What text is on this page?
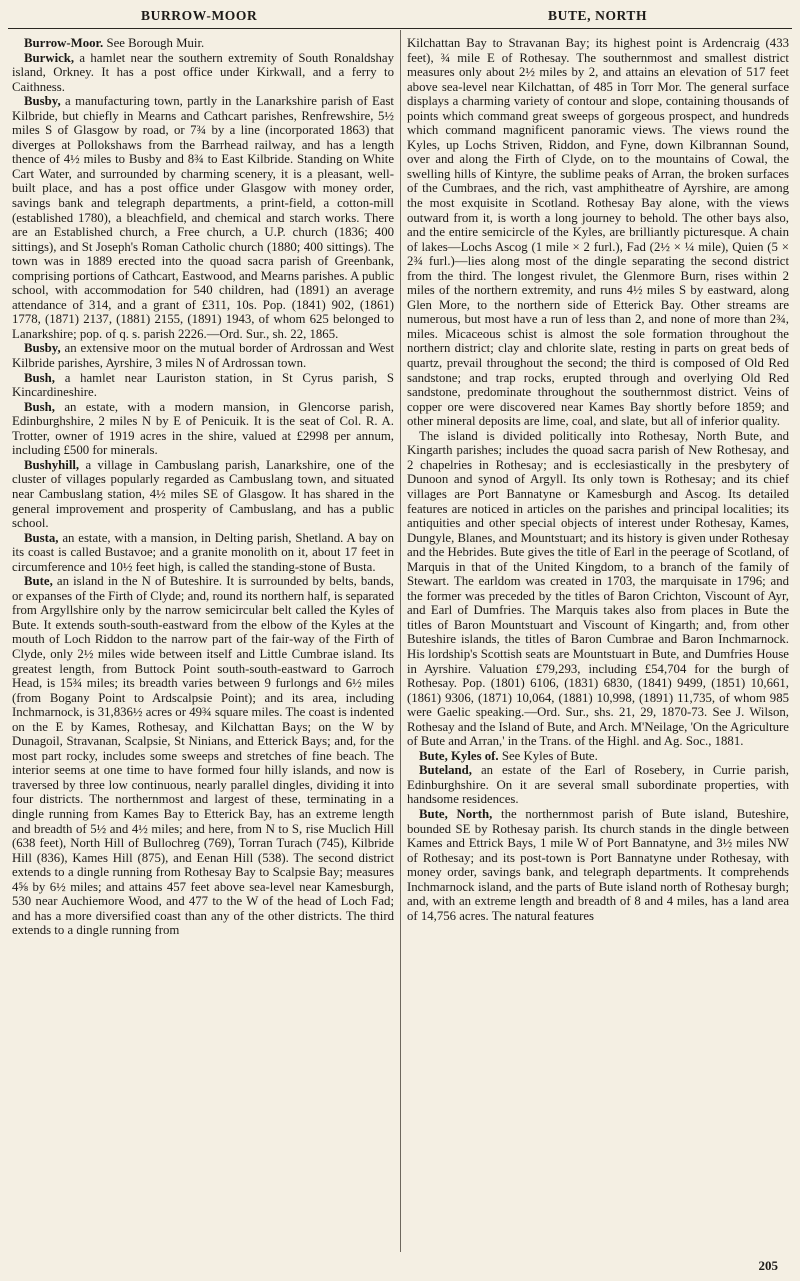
BURROW-MOOR	BUTE, NORTH

Burrow-Moor. See Borough Muir.

Burwick, a hamlet near the southern extremity of South Ronaldshay island, Orkney. It has a post office under Kirkwall, and a ferry to Caithness.

Busby, a manufacturing town, partly in the Lanarkshire parish of East Kilbride, but chiefly in Mearns and Cathcart parishes, Renfrewshire, 5½ miles S of Glasgow by road, or 7¾ by a line (incorporated 1863) that diverges at Pollokshaws from the Barrhead railway, and has a length thence of 4½ miles to Busby and 8¾ to East Kilbride. Standing on White Cart Water, and surrounded by charming scenery, it is a pleasant, well-built place, and has a post office under Glasgow with money order, savings bank and telegraph departments, a print-field, a cotton-mill (established 1780), a bleachfield, and chemical and starch works. There are an Established church, a Free church, a U.P. church (1836; 400 sittings), and St Joseph's Roman Catholic church (1880; 400 sittings). The town was in 1889 erected into the quoad sacra parish of Greenbank, comprising portions of Cathcart, Eastwood, and Mearns parishes. A public school, with accommodation for 540 children, had (1891) an average attendance of 314, and a grant of £311, 10s. Pop. (1841) 902, (1861) 1778, (1871) 2137, (1881) 2155, (1891) 1943, of whom 625 belonged to Lanarkshire; pop. of q. s. parish 2226.—Ord. Sur., sh. 22, 1865.

Busby, an extensive moor on the mutual border of Ardrossan and West Kilbride parishes, Ayrshire, 3 miles N of Ardrossan town.

Bush, a hamlet near Lauriston station, in St Cyrus parish, S Kincardineshire.

Bush, an estate, with a modern mansion, in Glencorse parish, Edinburghshire, 2 miles N by E of Penicuik. It is the seat of Col. R. A. Trotter, owner of 1919 acres in the shire, valued at £2998 per annum, including £500 for minerals.

Bushyhill, a village in Cambuslang parish, Lanarkshire, one of the cluster of villages popularly regarded as Cambuslang town, and situated near Cambuslang station, 4½ miles SE of Glasgow. It has shared in the general improvement and prosperity of Cambuslang, and has a public school.

Busta, an estate, with a mansion, in Delting parish, Shetland. A bay on its coast is called Bustavoe; and a granite monolith on it, about 17 feet in circumference and 10½ feet high, is called the standing-stone of Busta.

Bute, an island in the N of Buteshire. It is surrounded by belts, bands, or expanses of the Firth of Clyde; and, round its northern half, is separated from Argyllshire only by the narrow semicircular belt called the Kyles of Bute. It extends south-south-eastward from the elbow of the Kyles at the mouth of Loch Riddon to the narrow part of the fair-way of the Firth of Clyde, only 2½ miles wide between itself and Little Cumbrae island. Its greatest length, from Buttock Point south-south-eastward to Garroch Head, is 15¾ miles; its breadth varies between 9 furlongs and 6½ miles (from Bogany Point to Ardscalpsie Point); and its area, including Inchmarnock, is 31,836½ acres or 49¾ square miles. The coast is indented on the E by Kames, Rothesay, and Kilchattan Bays; on the W by Dunagoil, Stravanan, Scalpsie, St Ninians, and Etterick Bays; and, for the most part rocky, includes some sweeps and stretches of fine beach. The interior seems at one time to have formed four hilly islands, and now is traversed by three low continuous, nearly parallel dingles, dividing it into four districts. The northernmost and largest of these, terminating in a dingle running from Kames Bay to Etterick Bay, has an extreme length and breadth of 5½ and 4½ miles; and here, from N to S, rise Muclich Hill (638 feet), North Hill of Bullochreg (769), Torran Turach (745), Kilbride Hill (836), Kames Hill (875), and Eenan Hill (538). The second district extends to a dingle running from Rothesay Bay to Scalpsie Bay; measures 4⅝ by 6½ miles; and attains 457 feet above sea-level near Kamesburgh, 530 near Auchiemore Wood, and 477 to the W of the head of Loch Fad; and has a more diversified coast than any of the other districts. The third extends to a dingle running from

Kilchattan Bay to Stravanan Bay; its highest point is Ardencraig (433 feet), ¾ mile E of Rothesay. The southernmost and smallest district measures only about 2½ miles by 2, and attains an elevation of 517 feet above sea-level near Kilchattan, of 485 in Torr Mor. The general surface displays a charming variety of contour and slope, containing thousands of points which command great sweeps of gorgeous prospect, and hundreds which command magnificent panoramic views. The views round the Kyles, up Lochs Striven, Riddon, and Fyne, down Kilbrannan Sound, over and along the Firth of Clyde, on to the mountains of Cowal, the swelling hills of Kintyre, the sublime peaks of Arran, the broken surfaces of the Cumbraes, and the rich, vast amphitheatre of Ayrshire, are among the most exquisite in Scotland. Rothesay Bay alone, with the views outward from it, is worth a long journey to behold. The other bays also, and the entire semicircle of the Kyles, are brilliantly picturesque. A chain of lakes—Lochs Ascog (1 mile × 2 furl.), Fad (2½ × ¼ mile), Quien (5 × 2¾ furl.)—lies along most of the dingle separating the second district from the third. The longest rivulet, the Glenmore Burn, rises within 2 miles of the northern extremity, and runs 4½ miles S by eastward, along Glen More, to the northern side of Etterick Bay. Other streams are numerous, but most have a run of less than 2, and none of more than 2¾, miles. Micaceous schist is almost the sole formation throughout the northern district; clay and chlorite slate, resting in parts on great beds of quartz, prevail throughout the second; the third is composed of Old Red sandstone; and trap rocks, erupted through and overlying Old Red sandstone, predominate throughout the southernmost district. Veins of copper ore were discovered near Kames Bay shortly before 1859; and other mineral deposits are lime, coal, and slate, but all of inferior quality.

The island is divided politically into Rothesay, North Bute, and Kingarth parishes; includes the quoad sacra parish of New Rothesay, and 2 chapelries in Rothesay; and is ecclesiastically in the presbytery of Dunoon and synod of Argyll. Its only town is Rothesay; and its chief villages are Port Bannatyne or Kamesburgh and Ascog. Its detailed features are noticed in articles on the parishes and principal localities; its antiquities and other special objects of interest under Rothesay, Kames, Dungyle, Blanes, and Mountstuart; and its history is given under Rothesay and the Hebrides. Bute gives the title of Earl in the peerage of Scotland, of Marquis in that of the United Kingdom, to a branch of the family of Stewart. The earldom was created in 1703, the marquisate in 1796; and the former was preceded by the titles of Baron Crichton, Viscount of Ayr, and Earl of Dumfries. The Marquis takes also from places in Bute the titles of Baron Mountstuart and Viscount of Kingarth; and, from other Buteshire islands, the titles of Baron Cumbrae and Baron Inchmarnock. His lordship's Scottish seats are Mountstuart in Bute, and Dumfries House in Ayrshire. Valuation £79,293, including £54,704 for the burgh of Rothesay. Pop. (1801) 6106, (1831) 6830, (1841) 9499, (1851) 10,661, (1861) 9306, (1871) 10,064, (1881) 10,998, (1891) 11,735, of whom 985 were Gaelic speaking.—Ord. Sur., shs. 21, 29, 1870-73. See J. Wilson, Rothesay and the Island of Bute, and Arch. M'Neilage, 'On the Agriculture of Bute and Arran,' in the Trans. of the Highl. and Ag. Soc., 1881.

Bute, Kyles of. See Kyles of Bute.

Buteland, an estate of the Earl of Rosebery, in Currie parish, Edinburghshire. On it are several small subordinate properties, with handsome residences.

Bute, North, the northernmost parish of Bute island, Buteshire, bounded SE by Rothesay parish. Its church stands in the dingle between Kames and Ettrick Bays, 1 mile W of Port Bannatyne, and 3½ miles NW of Rothesay; and its post-town is Port Bannatyne under Rothesay, with money order, savings bank, and telegraph departments. It comprehends Inchmarnock island, and the parts of Bute island north of Rothesay burgh; and, with an extreme length and breadth of 8 and 4 miles, has a land area of 14,756 acres. The natural features

205
